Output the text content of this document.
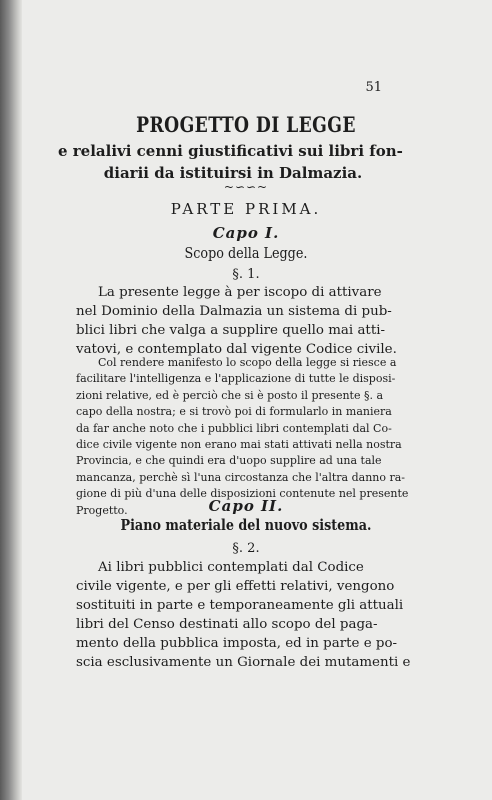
51
PROGETTO DI LEGGE
e relalivi cenni giustificativi sui libri fon-
diarii da istituirsi in Dalmazia.
~∽∽~
PARTE PRIMA.
Capo I.
Scopo della Legge.
§. 1.
La presente legge à per iscopo di attivare
nel Dominio della Dalmazia un sistema di pub-
blici libri che valga a supplire quello mai atti-
vatovi, e contemplato dal vigente Codice civile.
Col rendere manifesto lo scopo della legge si riesce a
facilitare l'intelligenza e l'applicazione di tutte le disposi-
zioni relative, ed è perciò che si è posto il presente §. a
capo della nostra; e si trovò poi di formularlo in maniera
da far anche noto che i pubblici libri contemplati dal Co-
dice civile vigente non erano mai stati attivati nella nostra
Provincia, e che quindi era d'uopo supplire ad una tale
mancanza, perchè sì l'una circostanza che l'altra danno ra-
gione di più d'una delle disposizioni contenute nel presente
Progetto.	Capo II.
Piano materiale del nuovo sistema.
§. 2.
Ai libri pubblici contemplati dal Codice
civile vigente, e per gli effetti relativi, vengono
sostituiti in parte e temporaneamente gli attuali
libri del Censo destinati allo scopo del paga-
mento della pubblica imposta, ed in parte e po-
scia esclusivamente un Giornale dei mutamenti e
